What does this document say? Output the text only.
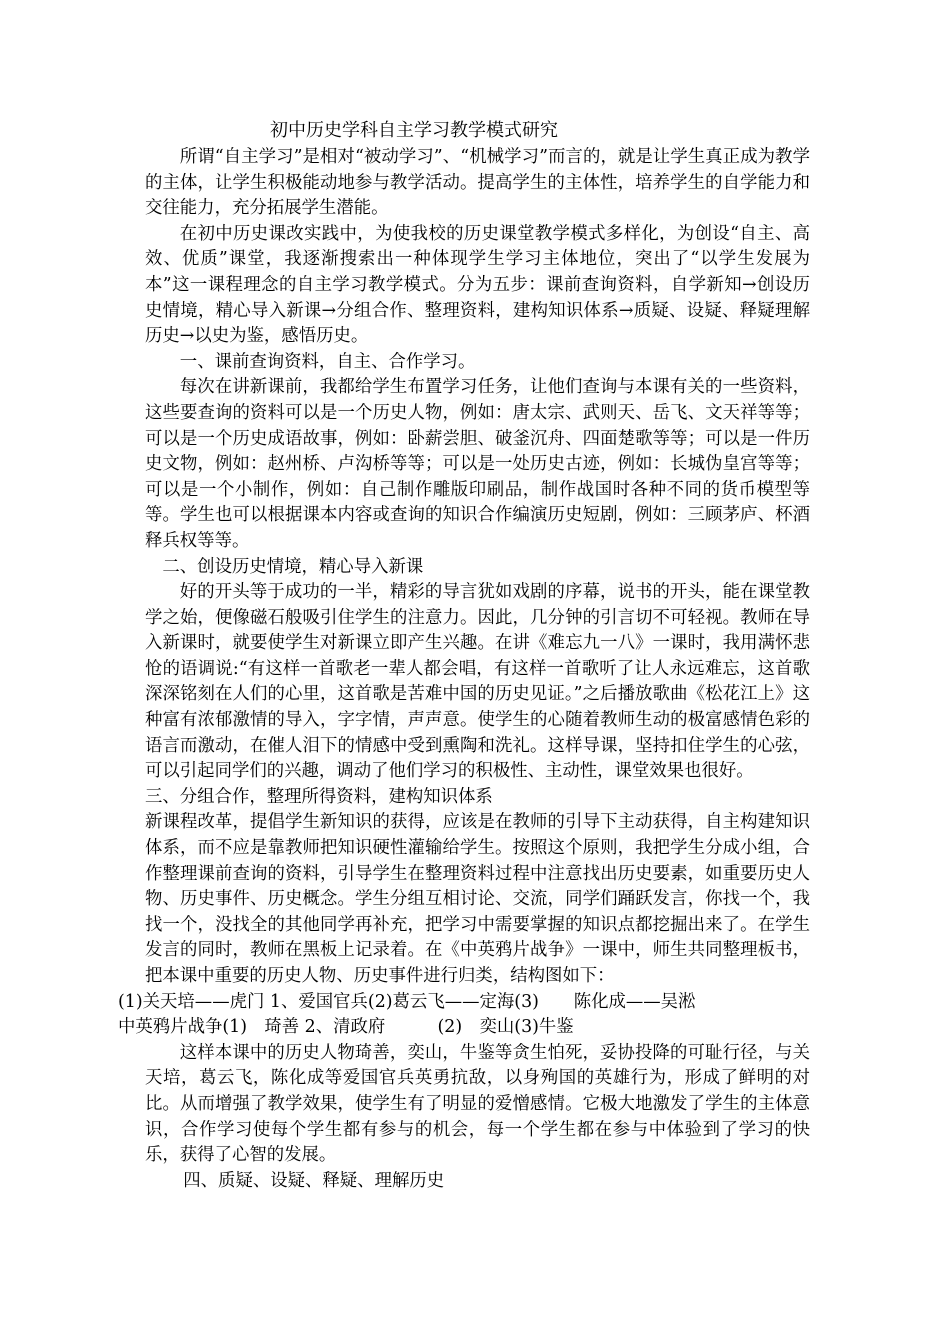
初中历史学科自主学习教学模式研究

所谓“自主学习”是相对“被动学习”、“机械学习”而言的，就是让学生真正成为教学的主体，让学生积极能动地参与教学活动。提高学生的主体性，培养学生的自学能力和交往能力，充分拓展学生潜能。

在初中历史课改实践中，为使我校的历史课堂教学模式多样化，为创设“自主、高效、优质”课堂，我逐渐搜索出一种体现学生学习主体地位，突出了“以学生发展为本”这一课程理念的自主学习教学模式。分为五步：课前查询资料，自学新知→创设历史情境，精心导入新课→分组合作、整理资料，建构知识体系→质疑、设疑、释疑理解历史→以史为鉴，感悟历史。

一、课前查询资料，自主、合作学习。

每次在讲新课前，我都给学生布置学习任务，让他们查询与本课有关的一些资料，这些要查询的资料可以是一个历史人物，例如：唐太宗、武则天、岳飞、文天祥等等；可以是一个历史成语故事，例如：卧薪尝胆、破釜沉舟、四面楚歌等等；可以是一件历史文物，例如：赵州桥、卢沟桥等等；可以是一处历史古迹，例如：长城伪皇宫等等；可以是一个小制作，例如：自己制作雕版印刷品，制作战国时各种不同的货币模型等等。学生也可以根据课本内容或查询的知识合作编演历史短剧，例如：三顾茅庐、杯酒释兵权等等。

二、创设历史情境，精心导入新课

好的开头等于成功的一半，精彩的导言犹如戏剧的序幕，说书的开头，能在课堂教学之始，便像磁石般吸引住学生的注意力。因此，几分钟的引言切不可轻视。教师在导入新课时，就要使学生对新课立即产生兴趣。在讲《难忘九一八》一课时，我用满怀悲怆的语调说:“有这样一首歌老一辈人都会唱，有这样一首歌听了让人永远难忘，这首歌深深铭刻在人们的心里，这首歌是苦难中国的历史见证。”之后播放歌曲《松花江上》这种富有浓郁激情的导入，字字情，声声意。使学生的心随着教师生动的极富感情色彩的语言而激动，在催人泪下的情感中受到熏陶和洗礼。这样导课，坚持扣住学生的心弦，可以引起同学们的兴趣，调动了他们学习的积极性、主动性，课堂效果也很好。

三、分组合作，整理所得资料，建构知识体系

新课程改革，提倡学生新知识的获得，应该是在教师的引导下主动获得，自主构建知识体系，而不应是靠教师把知识硬性灌输给学生。按照这个原则，我把学生分成小组，合作整理课前查询的资料，引导学生在整理资料过程中注意找出历史要素，如重要历史人物、历史事件、历史概念。学生分组互相讨论、交流，同学们踊跃发言，你找一个，我找一个，没找全的其他同学再补充，把学习中需要掌握的知识点都挖掘出来了。在学生发言的同时，教师在黑板上记录着。在《中英鸦片战争》一课中，师生共同整理板书，把本课中重要的历史人物、历史事件进行归类，结构图如下：

(1)关天培——虎门 1、爱国官兵(2)葛云飞——定海(3)　　陈化成——吴淞

中英鸦片战争(1)　琦善 2、清政府　　　(2)　奕山(3)牛鉴

这样本课中的历史人物琦善，奕山，牛鉴等贪生怕死，妥协投降的可耻行径，与关天培，葛云飞，陈化成等爱国官兵英勇抗敌，以身殉国的英雄行为，形成了鲜明的对比。从而增强了教学效果，使学生有了明显的爱憎感情。它极大地激发了学生的主体意识，合作学习使每个学生都有参与的机会，每一个学生都在参与中体验到了学习的快乐，获得了心智的发展。

四、质疑、设疑、释疑、理解历史
